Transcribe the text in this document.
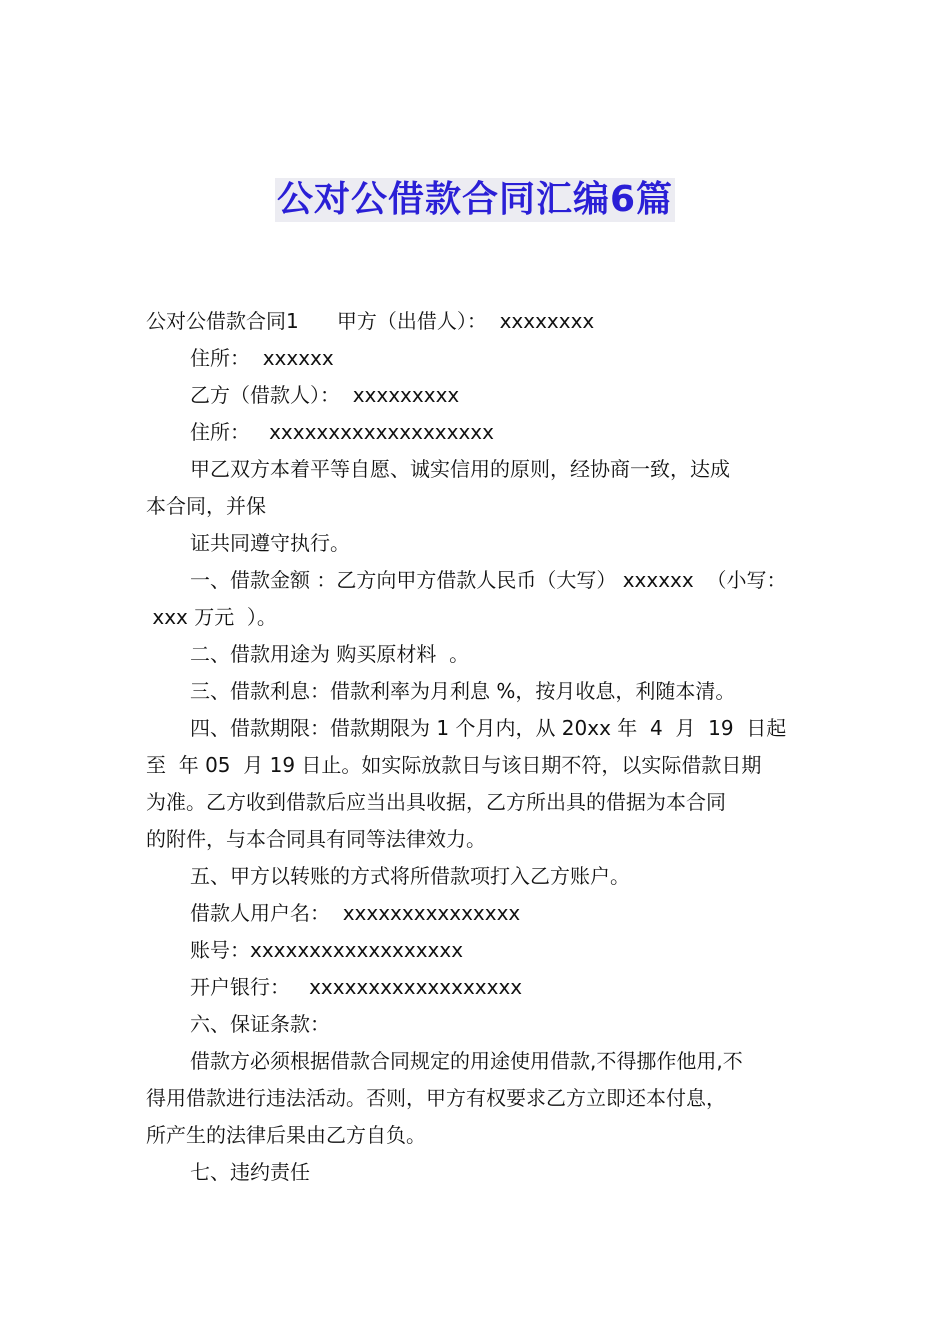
公对公借款合同汇编6篇
公对公借款合同1      甲方（出借人）：  xxxxxxxx
住所：  xxxxxx
乙方（借款人）：  xxxxxxxxx
住所：   xxxxxxxxxxxxxxxxxxx
甲乙双方本着平等自愿、诚实信用的原则，经协商一致，达成
本合同，并保
证共同遵守执行。
一、借款金额 ：乙方向甲方借款人民币（大写） xxxxxx  （小写：
xxx 万元  ）。
二、借款用途为 购买原材料  。
三、借款利息：借款利率为月利息 %，按月收息，利随本清。
四、借款期限：借款期限为 1 个月内，从 20xx 年  4  月  19  日起
至  年 05  月 19 日止。如实际放款日与该日期不符，以实际借款日期
为准。乙方收到借款后应当出具收据，乙方所出具的借据为本合同
的附件，与本合同具有同等法律效力。
五、甲方以转账的方式将所借款项打入乙方账户。
借款人用户名：  xxxxxxxxxxxxxxx
账号：xxxxxxxxxxxxxxxxxx
开户银行：   xxxxxxxxxxxxxxxxxx
六、保证条款：
借款方必须根据借款合同规定的用途使用借款,不得挪作他用,不
得用借款进行违法活动。否则，甲方有权要求乙方立即还本付息，
所产生的法律后果由乙方自负。
七、违约责任
